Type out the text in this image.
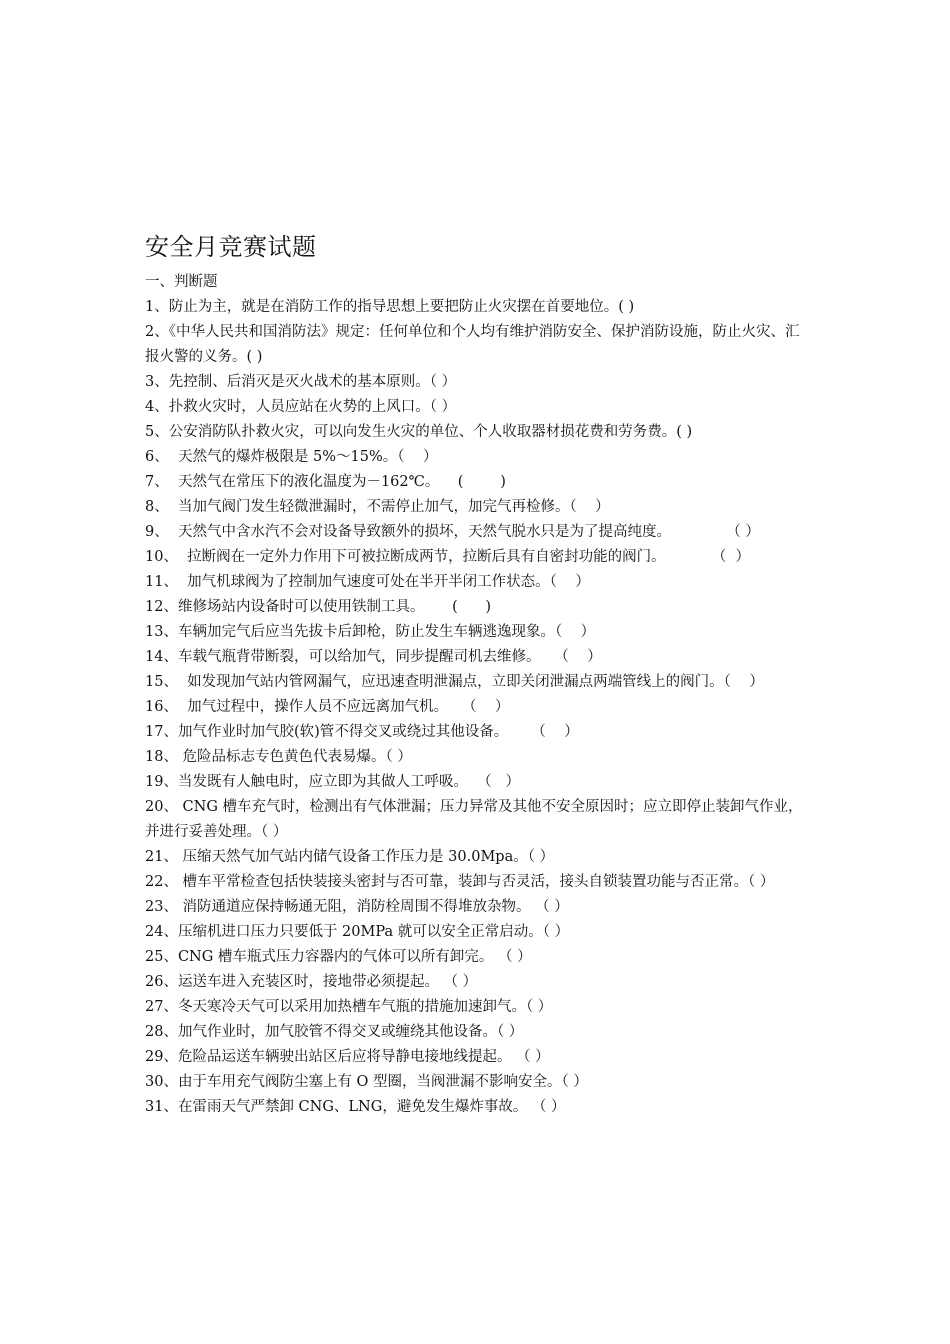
安全月竞赛试题

一、判断题

1、防止为主，就是在消防工作的指导思想上要把防止火灾摆在首要地位。( )

2、《中华人民共和国消防法》规定：任何单位和个人均有维护消防安全、保护消防设施，防止火灾、汇报火警的义务。( )

3、先控制、后消灭是灭火战术的基本原则。（ ）

4、扑救火灾时，人员应站在火势的上风口。（ ）

5、公安消防队扑救火灾，可以向发生火灾的单位、个人收取器材损花费和劳务费。( )

6、  天然气的爆炸极限是 5%～15%。（    ）

7、  天然气在常压下的液化温度为－162℃。    (        )

8、  当加气阀门发生轻微泄漏时，不需停止加气，加完气再检修。（    ）

9、  天然气中含水汽不会对设备导致额外的损坏，天然气脱水只是为了提高纯度。            （ ）

10、  拉断阀在一定外力作用下可被拉断成两节，拉断后具有自密封功能的阀门。          （  ）

11、  加气机球阀为了控制加气速度可处在半开半闭工作状态。（    ）

12、维修场站内设备时可以使用铁制工具。      (      )

13、车辆加完气后应当先拔卡后卸枪，防止发生车辆逃逸现象。（    ）

14、车载气瓶背带断裂，可以给加气，同步提醒司机去维修。   （    ）

15、  如发现加气站内管网漏气，应迅速查明泄漏点，立即关闭泄漏点两端管线上的阀门。（    ）

16、  加气过程中，操作人员不应远离加气机。   （    ）

17、加气作业时加气胶(软)管不得交叉或绕过其他设备。     （    ）

18、 危险品标志专色黄色代表易爆。（ ）

19、当发既有人触电时，应立即为其做人工呼吸。  （   ）

20、 CNG 槽车充气时，检测出有气体泄漏；压力异常及其他不安全原因时；应立即停止装卸气作业，并进行妥善处理。（ ）

21、 压缩天然气加气站内储气设备工作压力是 30.0Mpa。（ ）

22、 槽车平常检查包括快装接头密封与否可靠，装卸与否灵活，接头自锁装置功能与否正常。（ ）

23、 消防通道应保持畅通无阻，消防栓周围不得堆放杂物。 （ ）

24、压缩机进口压力只要低于 20MPa 就可以安全正常启动。（ ）

25、CNG 槽车瓶式压力容器内的气体可以所有卸完。 （ ）

26、运送车进入充装区时，接地带必须提起。 （ ）

27、冬天寒冷天气可以采用加热槽车气瓶的措施加速卸气。（ ）

28、加气作业时，加气胶管不得交叉或缠绕其他设备。（ ）

29、危险品运送车辆驶出站区后应将导静电接地线提起。 （ ）

30、由于车用充气阀防尘塞上有 O 型圈，当阀泄漏不影响安全。（ ）

31、在雷雨天气严禁卸 CNG、LNG，避免发生爆炸事故。 （ ）
